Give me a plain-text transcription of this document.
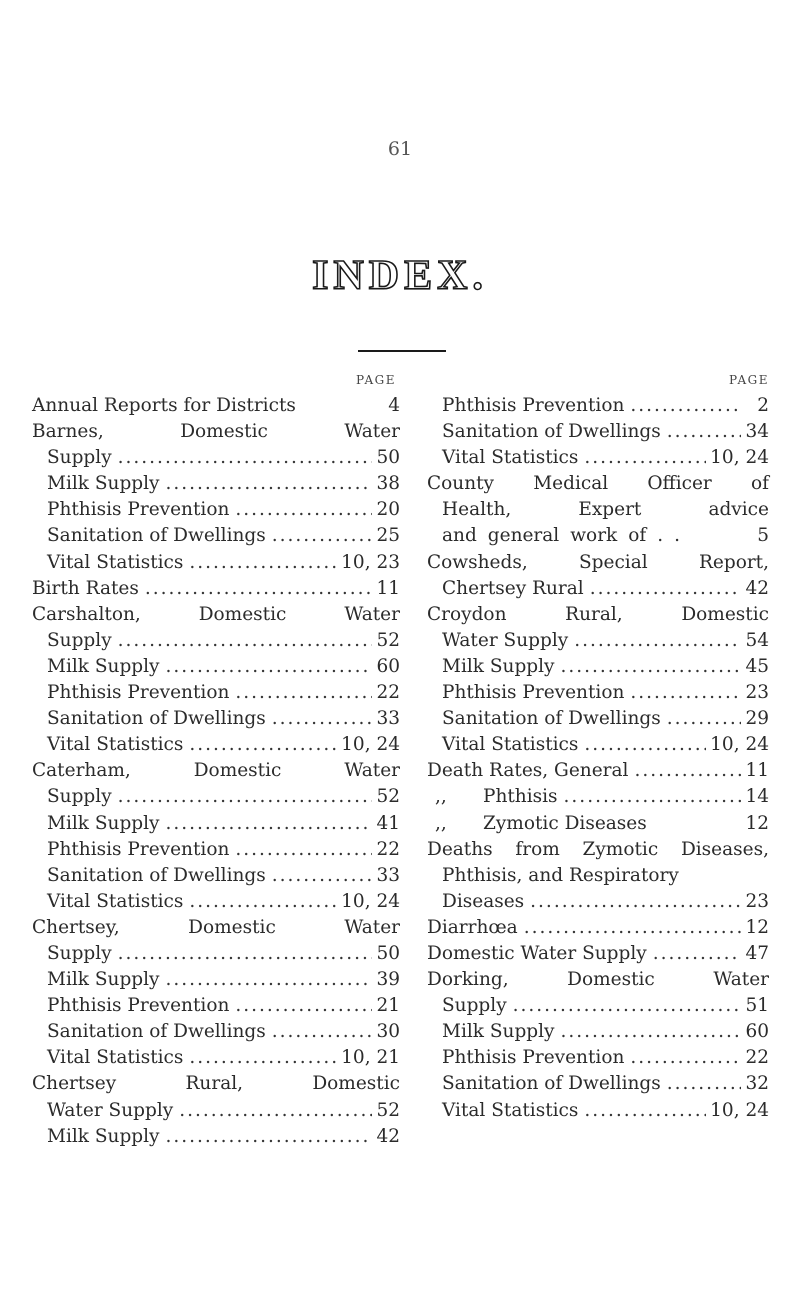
61
INDEX.
PAGE
Annual Reports for Districts	4
Barnes,	Domestic	Water
Supply .....	50
Milk Supply .....	38
Phthisis Prevention .....	20
Sanitation of Dwellings .....	25
Vital Statistics .....	10, 23
Birth Rates .....	11
Carshalton,	Domestic	Water
Supply .....	52
Milk Supply .....	60
Phthisis Prevention .....	22
Sanitation of Dwellings .....	33
Vital Statistics .....	10, 24
Caterham,	Domestic	Water
Supply .....	52
Milk Supply .....	41
Phthisis Prevention .....	22
Sanitation of Dwellings .....	33
Vital Statistics .....	10, 24
Chertsey,	Domestic	Water
Supply .....	50
Milk Supply .....	39
Phthisis Prevention .....	21
Sanitation of Dwellings .....	30
Vital Statistics .....	10, 21
Chertsey	Rural,	Domestic
Water Supply .....	52
Milk Supply .....	42
PAGE
Phthisis Prevention .....	2
Sanitation of Dwellings .....	34
Vital Statistics .....	10, 24
County Medical Officer of
Health,	Expert	advice
and general work of . .	5
Cowsheds,	Special	Report,
Chertsey Rural .....	42
Croydon	Rural,	Domestic
Water Supply .....	54
Milk Supply .....	45
Phthisis Prevention .....	23
Sanitation of Dwellings .....	29
Vital Statistics .....	10, 24
Death Rates, General .....	11
,, Phthisis .....	14
,, Zymotic Diseases	12
Deaths from Zymotic Diseases,
Phthisis, and Respiratory
Diseases .....	23
Diarrhœa .....	12
Domestic Water Supply .....	47
Dorking,	Domestic	Water
Supply .....	51
Milk Supply .....	60
Phthisis Prevention .....	22
Sanitation of Dwellings .....	32
Vital Statistics .....	10, 24
